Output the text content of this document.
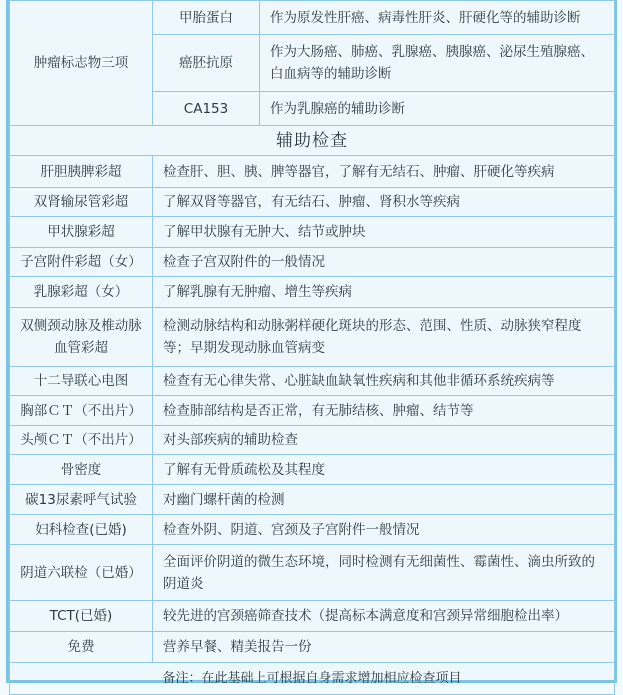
肿瘤标志物三项	甲胎蛋白	作为原发性肝癌、病毒性肝炎、肝硬化等的辅助诊断
	癌胚抗原	作为大肠癌、肺癌、乳腺癌、胰腺癌、泌尿生殖腺癌、白血病等的辅助诊断
	CA153	作为乳腺癌的辅助诊断
辅助检查		
肝胆胰脾彩超	检查肝、胆、胰、脾等器官，了解有无结石、肿瘤、肝硬化等疾病	
双肾输尿管彩超	了解双肾等器官，有无结石、肿瘤、肾积水等疾病	
甲状腺彩超	了解甲状腺有无肿大、结节或肿块	
子宫附件彩超（女）	检查子宫双附件的一般情况	
乳腺彩超（女）	了解乳腺有无肿瘤、增生等疾病	
双侧颈动脉及椎动脉血管彩超	检测动脉结构和动脉粥样硬化斑块的形态、范围、性质、动脉狭窄程度等；早期发现动脉血管病变	
十二导联心电图	检查有无心律失常、心脏缺血缺氧性疾病和其他非循环系统疾病等	
胸部ＣＴ（不出片）	检查肺部结构是否正常，有无肺结核、肿瘤、结节等	
头颅ＣＴ（不出片）	对头部疾病的辅助检查	
骨密度	了解有无骨质疏松及其程度	
碳13尿素呼气试验	对幽门螺杆菌的检测	
妇科检查(已婚)	检查外阴、阴道、宫颈及子宫附件一般情况	
阴道六联检（已婚）	全面评价阴道的微生态环境，同时检测有无细菌性、霉菌性、滴虫所致的阴道炎	
TCT(已婚)	较先进的宫颈癌筛查技术（提高标本满意度和宫颈异常细胞检出率）	
免费	营养早餐、精美报告一份	
备注：在此基础上可根据自身需求增加相应检查项目		
